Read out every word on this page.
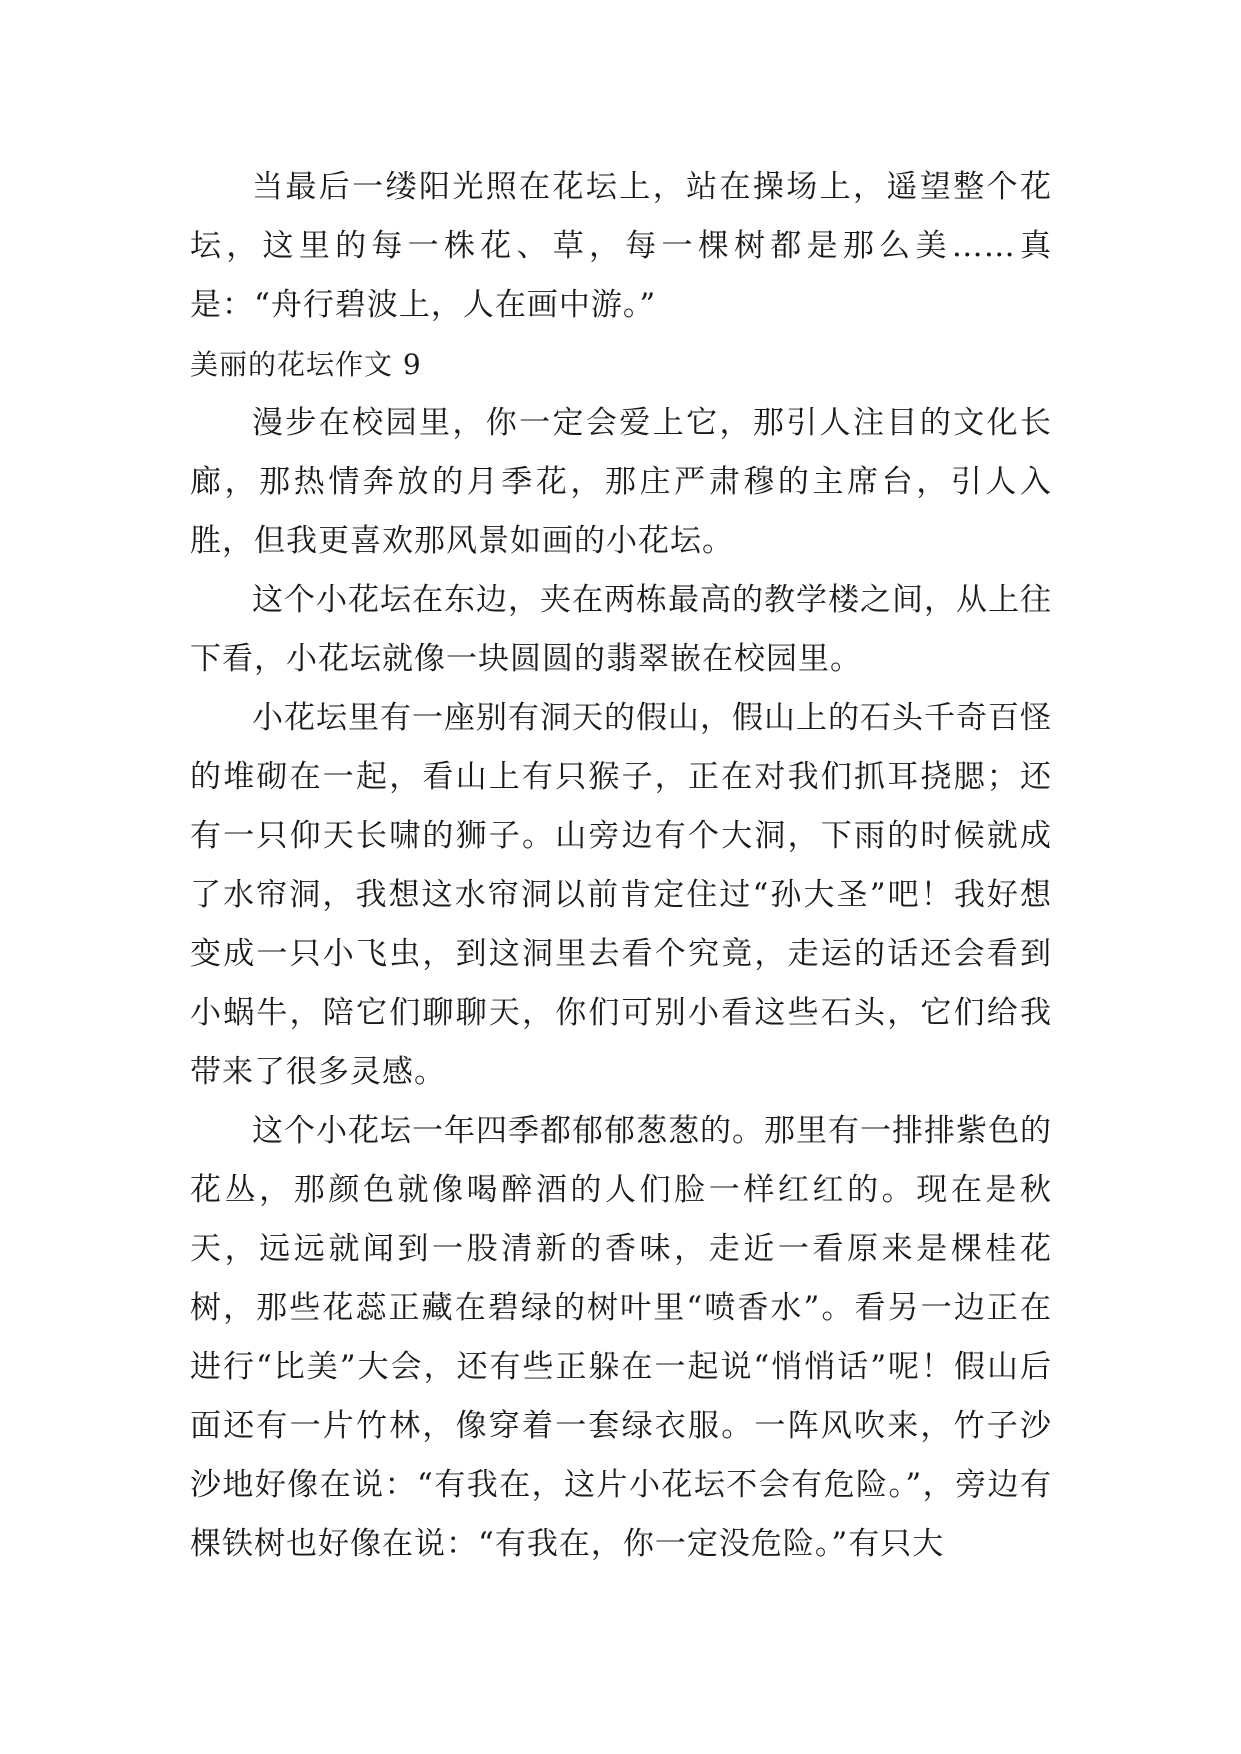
当最后一缕阳光照在花坛上，站在操场上，遥望整个花坛，这里的每一株花、草，每一棵树都是那么美……真是：“舟行碧波上，人在画中游。”

美丽的花坛作文 9

漫步在校园里，你一定会爱上它，那引人注目的文化长廊，那热情奔放的月季花，那庄严肃穆的主席台，引人入胜，但我更喜欢那风景如画的小花坛。

这个小花坛在东边，夹在两栋最高的教学楼之间，从上往下看，小花坛就像一块圆圆的翡翠嵌在校园里。

小花坛里有一座别有洞天的假山，假山上的石头千奇百怪的堆砌在一起，看山上有只猴子，正在对我们抓耳挠腮；还有一只仰天长啸的狮子。山旁边有个大洞，下雨的时候就成了水帘洞，我想这水帘洞以前肯定住过“孙大圣”吧！我好想变成一只小飞虫，到这洞里去看个究竟，走运的话还会看到小蜗牛，陪它们聊聊天，你们可别小看这些石头，它们给我带来了很多灵感。

这个小花坛一年四季都郁郁葱葱的。那里有一排排紫色的花丛，那颜色就像喝醉酒的人们脸一样红红的。现在是秋天，远远就闻到一股清新的香味，走近一看原来是棵桂花树，那些花蕊正藏在碧绿的树叶里“喷香水”。看另一边正在进行“比美”大会，还有些正躲在一起说“悄悄话”呢！假山后面还有一片竹林，像穿着一套绿衣服。一阵风吹来，竹子沙沙地好像在说：“有我在，这片小花坛不会有危险。”，旁边有棵铁树也好像在说：“有我在，你一定没危险。”有只大
